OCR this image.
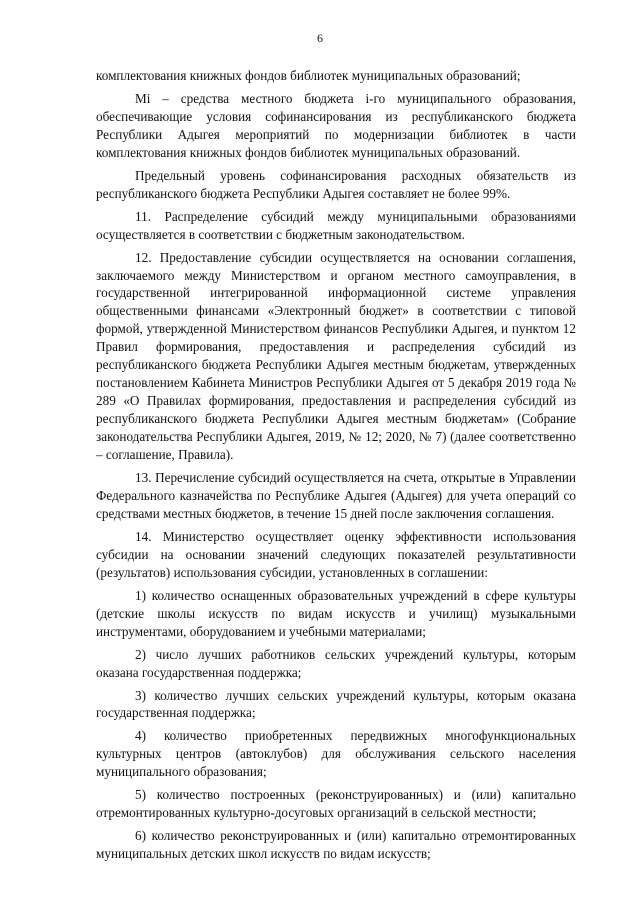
6

комплектования книжных фондов библиотек муниципальных образований;

Mi – средства местного бюджета i-го муниципального образования, обеспечивающие условия софинансирования из республиканского бюджета Республики Адыгея мероприятий по модернизации библиотек в части комплектования книжных фондов библиотек муниципальных образований.

Предельный уровень софинансирования расходных обязательств из республиканского бюджета Республики Адыгея составляет не более 99%.

11. Распределение субсидий между муниципальными образованиями осуществляется в соответствии с бюджетным законодательством.

12. Предоставление субсидии осуществляется на основании соглашения, заключаемого между Министерством и органом местного самоуправления, в государственной интегрированной информационной системе управления общественными финансами «Электронный бюджет» в соответствии с типовой формой, утвержденной Министерством финансов Республики Адыгея, и пунктом 12 Правил формирования, предоставления и распределения субсидий из республиканского бюджета Республики Адыгея местным бюджетам, утвержденных постановлением Кабинета Министров Республики Адыгея от 5 декабря 2019 года № 289 «О Правилах формирования, предоставления и распределения субсидий из республиканского бюджета Республики Адыгея местным бюджетам» (Собрание законодательства Республики Адыгея, 2019, № 12; 2020, № 7) (далее соответственно – соглашение, Правила).

13. Перечисление субсидий осуществляется на счета, открытые в Управлении Федерального казначейства по Республике Адыгея (Адыгея) для учета операций со средствами местных бюджетов, в течение 15 дней после заключения соглашения.

14. Министерство осуществляет оценку эффективности использования субсидии на основании значений следующих показателей результативности (результатов) использования субсидии, установленных в соглашении:

1) количество оснащенных образовательных учреждений в сфере культуры (детские школы искусств по видам искусств и училищ) музыкальными инструментами, оборудованием и учебными материалами;

2) число лучших работников сельских учреждений культуры, которым оказана государственная поддержка;

3) количество лучших сельских учреждений культуры, которым оказана государственная поддержка;

4) количество приобретенных передвижных многофункциональных культурных центров (автоклубов) для обслуживания сельского населения муниципального образования;

5) количество построенных (реконструированных) и (или) капитально отремонтированных культурно-досуговых организаций в сельской местности;

6) количество реконструированных и (или) капитально отремонтированных муниципальных детских школ искусств по видам искусств;
